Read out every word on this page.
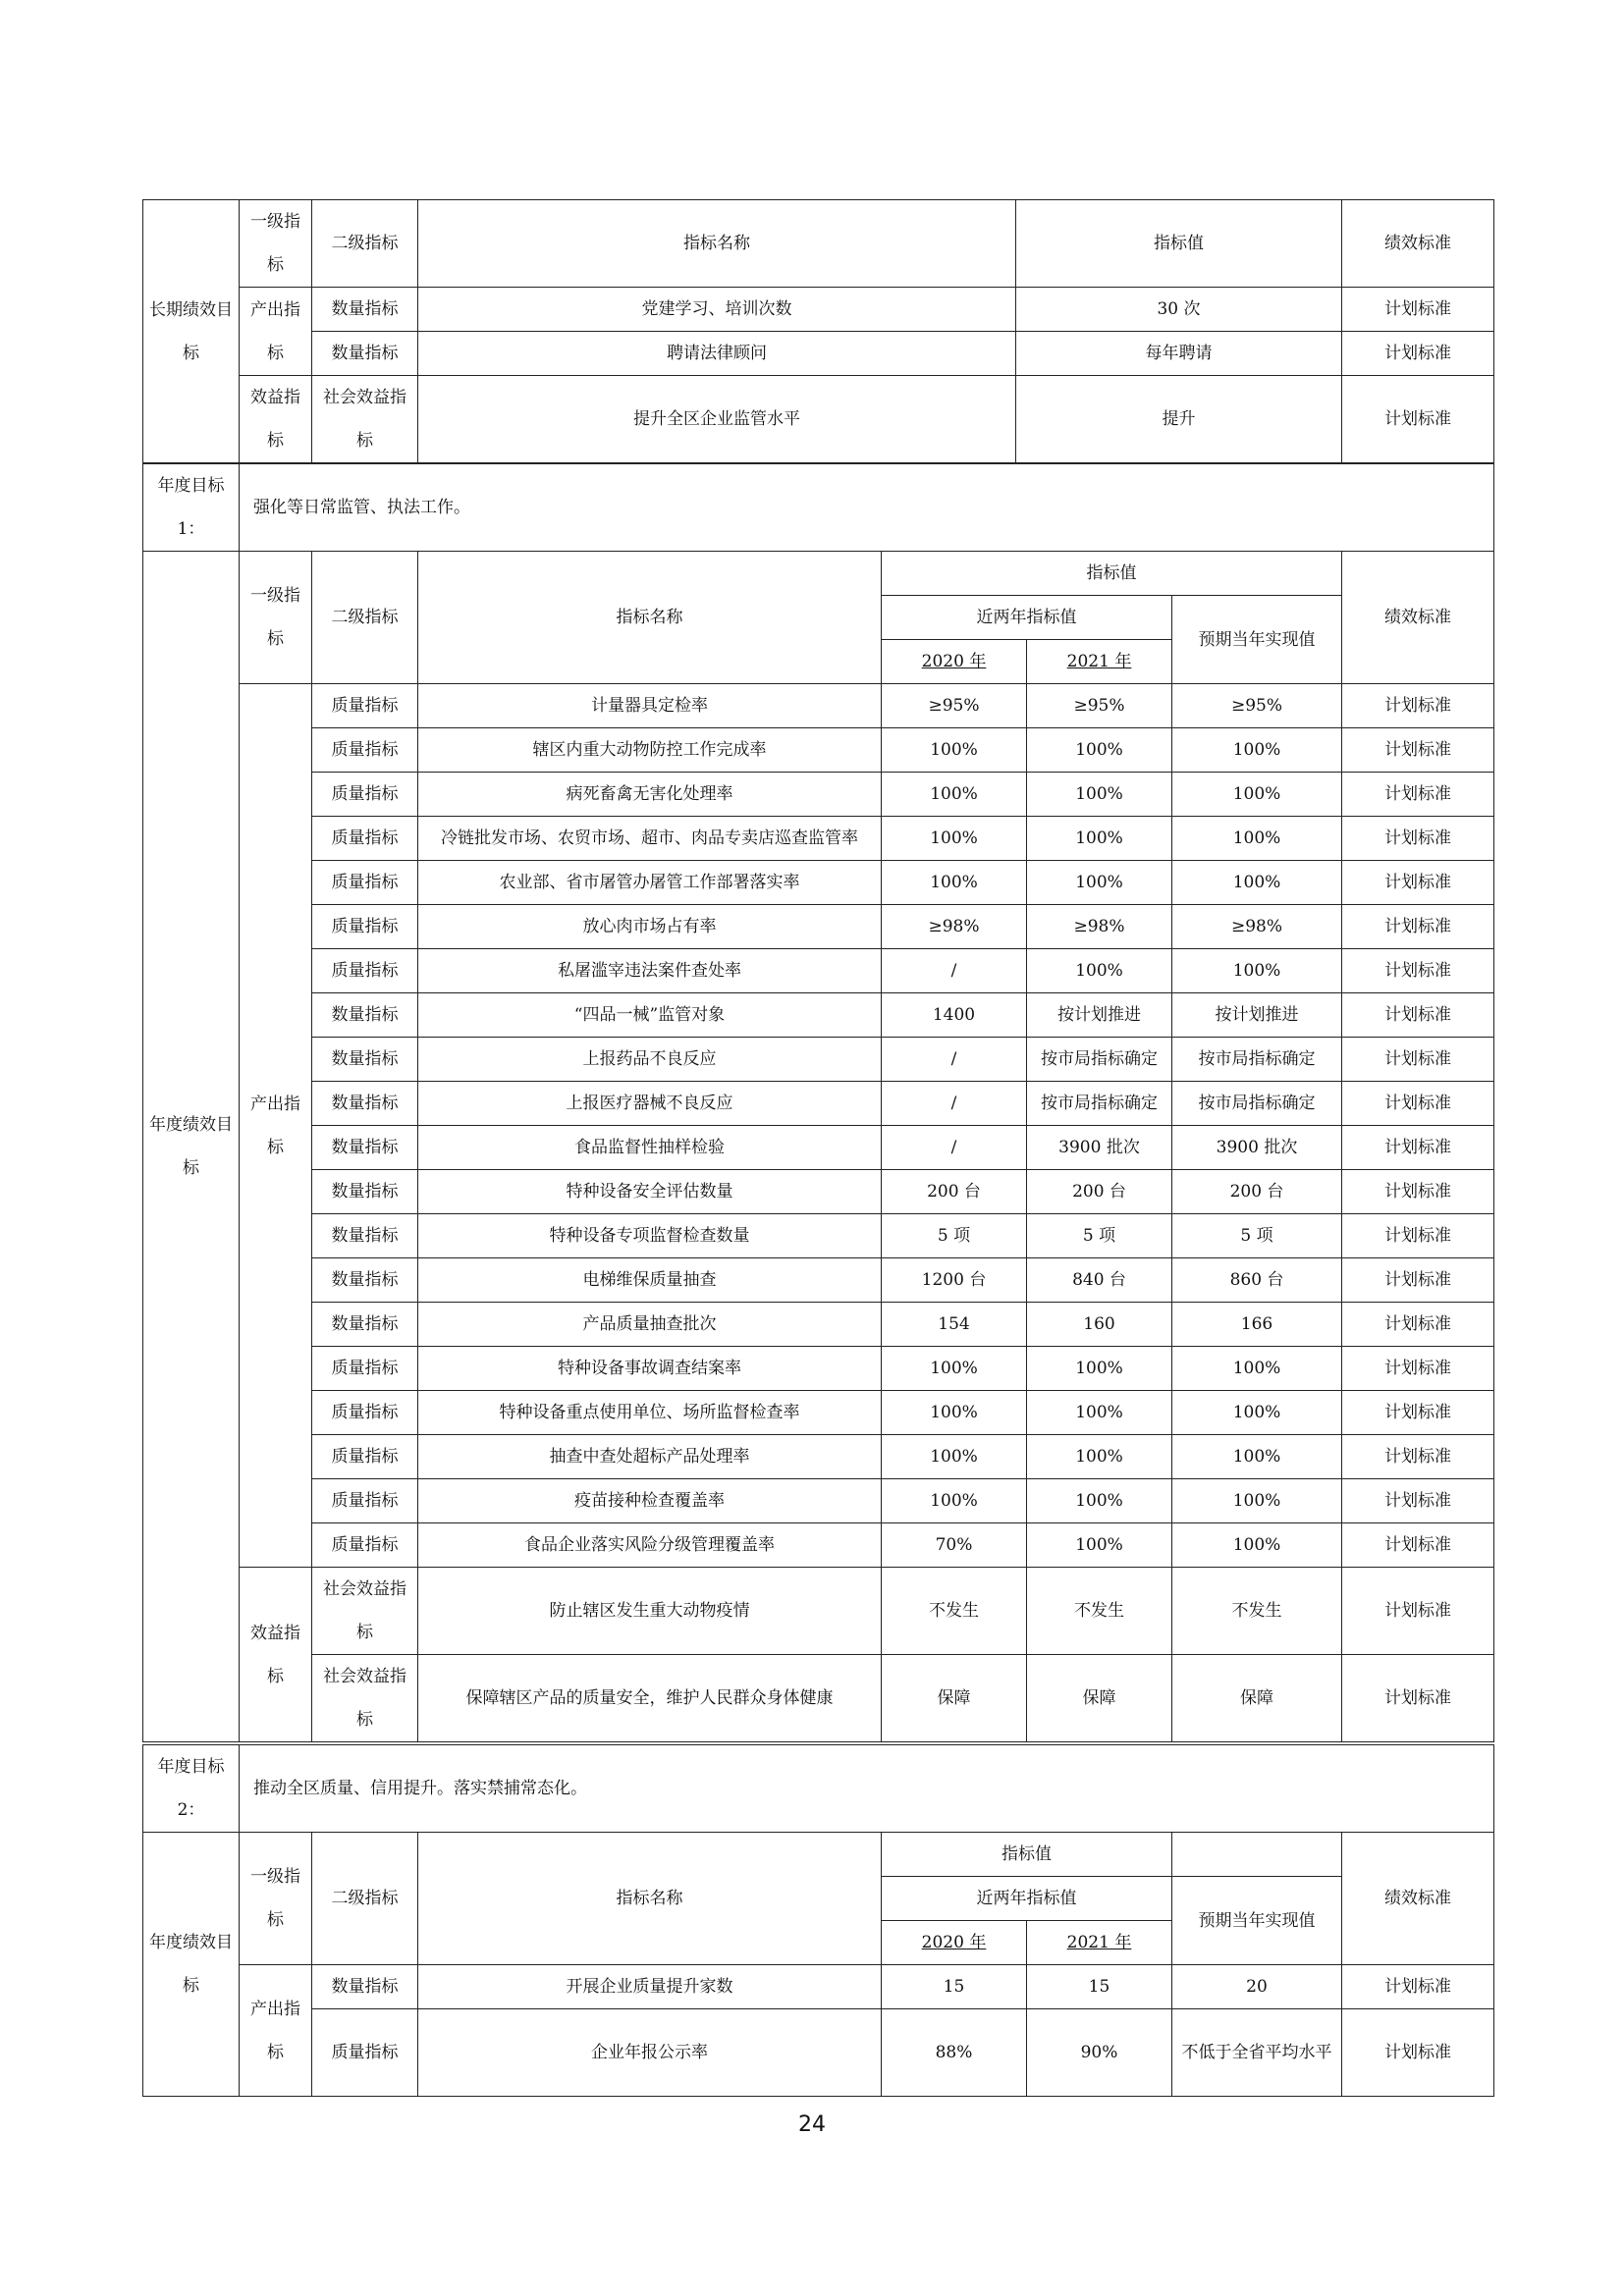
长期绩效目标	一级指标	二级指标	指标名称	指标值	绩效标准
	产出指标	数量指标	党建学习、培训次数	30 次	计划标准
		数量指标	聘请法律顾问	每年聘请	计划标准
	效益指标	社会效益指标	提升全区企业监管水平	提升	计划标准
年度目标 1：	强化等日常监管、执法工作。
年度绩效目标	一级指标	二级指标	指标名称	指标值			绩效标准
				近两年指标值		预期当年实现值	
				2020 年	2021 年		
	产出指标	质量指标	计量器具定检率	≥95%	≥95%	≥95%	计划标准
		质量指标	辖区内重大动物防控工作完成率	100%	100%	100%	计划标准
		质量指标	病死畜禽无害化处理率	100%	100%	100%	计划标准
		质量指标	冷链批发市场、农贸市场、超市、肉品专卖店巡查监管率	100%	100%	100%	计划标准
		质量指标	农业部、省市屠管办屠管工作部署落实率	100%	100%	100%	计划标准
		质量指标	放心肉市场占有率	≥98%	≥98%	≥98%	计划标准
		质量指标	私屠滥宰违法案件查处率	/	100%	100%	计划标准
		数量指标	“四品一械”监管对象	1400	按计划推进	按计划推进	计划标准
		数量指标	上报药品不良反应	/	按市局指标确定	按市局指标确定	计划标准
		数量指标	上报医疗器械不良反应	/	按市局指标确定	按市局指标确定	计划标准
		数量指标	食品监督性抽样检验	/	3900 批次	3900 批次	计划标准
		数量指标	特种设备安全评估数量	200 台	200 台	200 台	计划标准
		数量指标	特种设备专项监督检查数量	5 项	5 项	5 项	计划标准
		数量指标	电梯维保质量抽查	1200 台	840 台	860 台	计划标准
		数量指标	产品质量抽查批次	154	160	166	计划标准
		质量指标	特种设备事故调查结案率	100%	100%	100%	计划标准
		质量指标	特种设备重点使用单位、场所监督检查率	100%	100%	100%	计划标准
		质量指标	抽查中查处超标产品处理率	100%	100%	100%	计划标准
		质量指标	疫苗接种检查覆盖率	100%	100%	100%	计划标准
		质量指标	食品企业落实风险分级管理覆盖率	70%	100%	100%	计划标准
	效益指标	社会效益指标	防止辖区发生重大动物疫情	不发生	不发生	不发生	计划标准
		社会效益指标	保障辖区产品的质量安全，维护人民群众身体健康	保障	保障	保障	计划标准
年度目标 2：	推动全区质量、信用提升。落实禁捕常态化。
年度绩效目标	一级指标	二级指标	指标名称	指标值			绩效标准
				近两年指标值		预期当年实现值	
				2020 年	2021 年		
	产出指标	数量指标	开展企业质量提升家数	15	15	20	计划标准
		质量指标	企业年报公示率	88%	90%	不低于全省平均水平	计划标准
24
